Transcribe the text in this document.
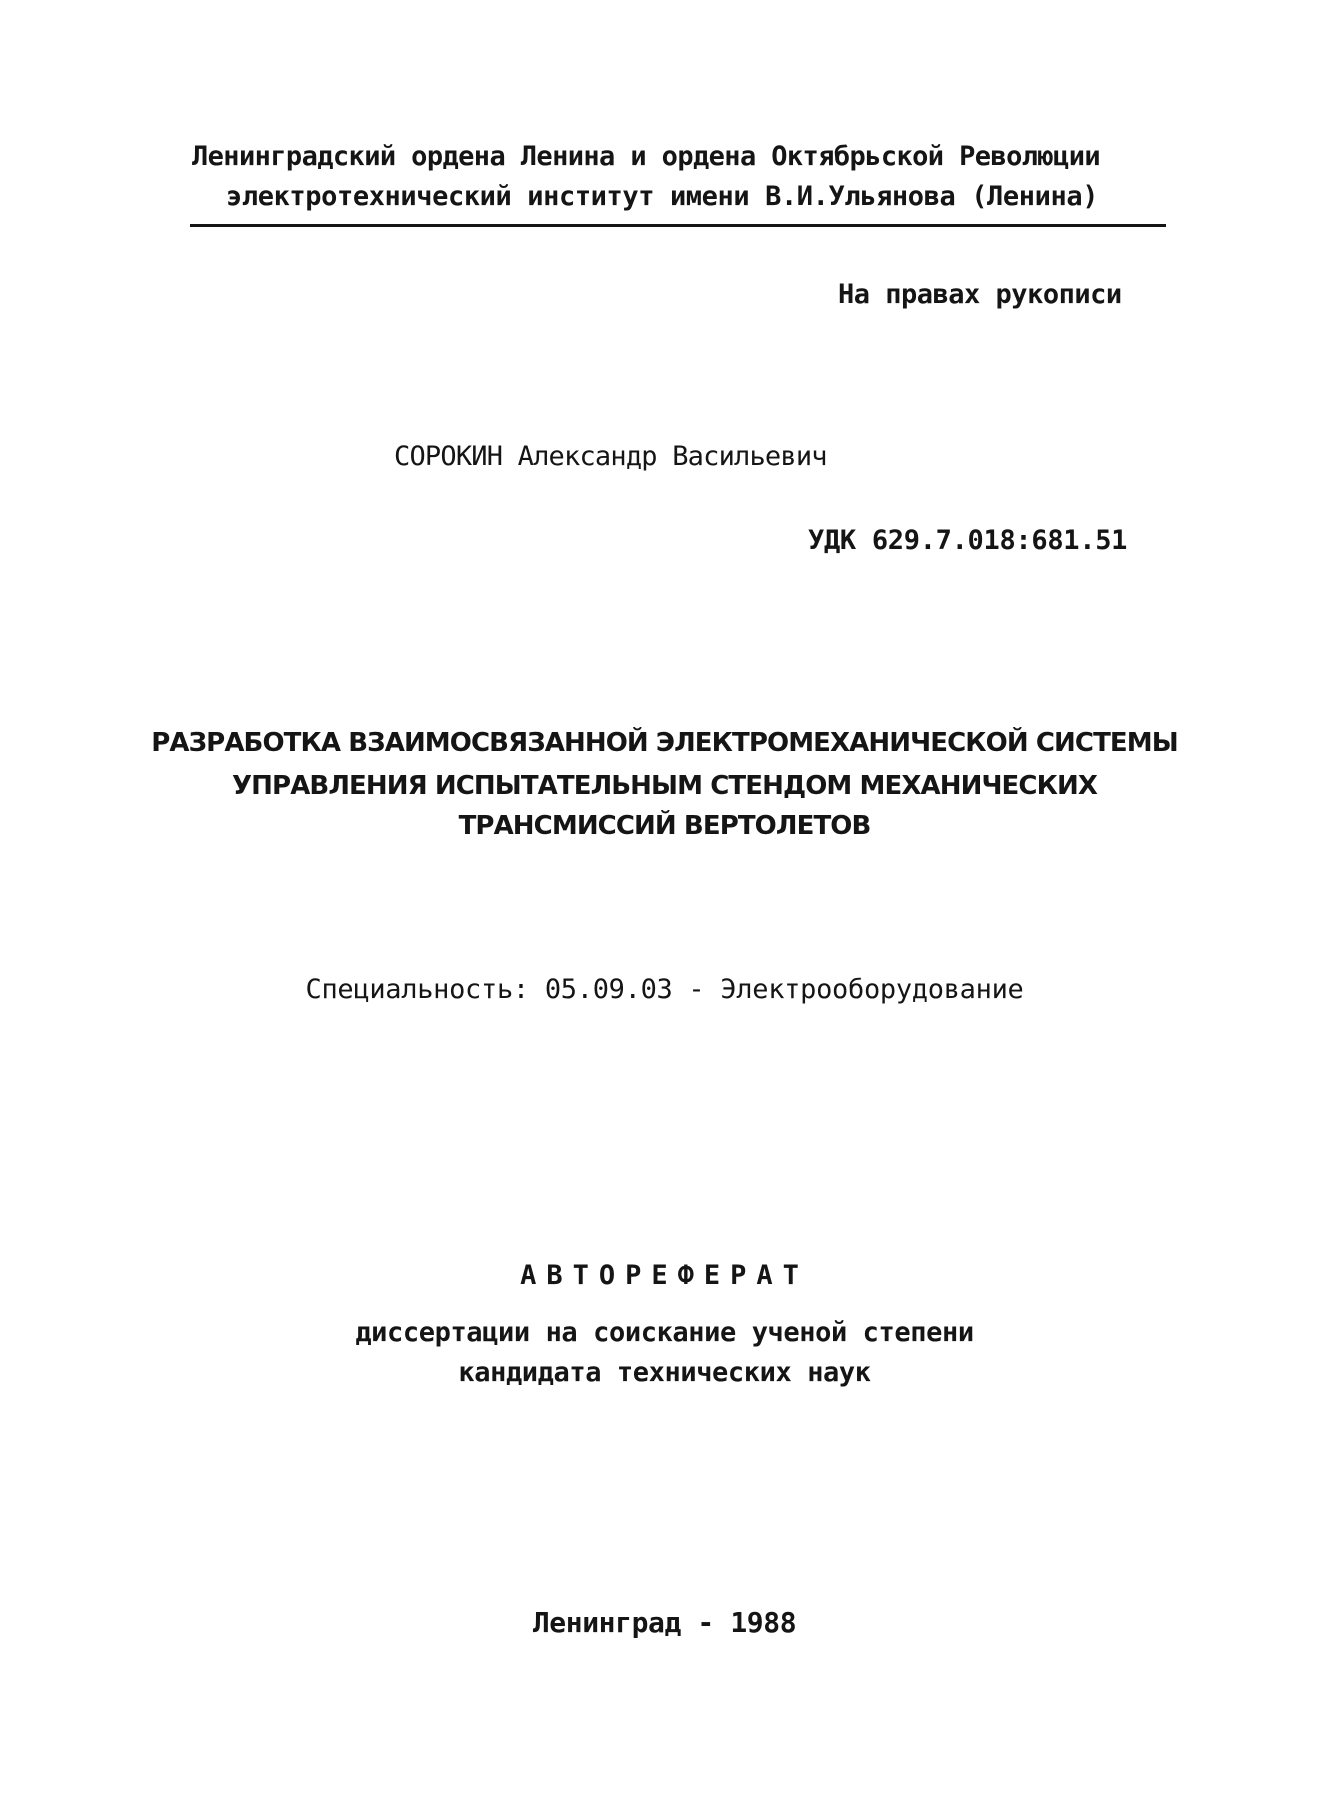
Ленинградский ордена Ленина и ордена Октябрьской Революции
электротехнический институт имени В.И.Ульянова (Ленина)
На правах рукописи
СОРОКИН Александр Васильевич
УДК 629.7.018:681.51
РАЗРАБОТКА ВЗАИМОСВЯЗАННОЙ ЭЛЕКТРОМЕХАНИЧЕСКОЙ СИСТЕМЫ
УПРАВЛЕНИЯ ИСПЫТАТЕЛЬНЫМ СТЕНДОМ МЕХАНИЧЕСКИХ
ТРАНСМИССИЙ ВЕРТОЛЕТОВ
Специальность: 05.09.03 - Электрооборудование
АВТОРЕФЕРАТ
диссертации на соискание ученой степени
кандидата технических наук
Ленинград - 1988
